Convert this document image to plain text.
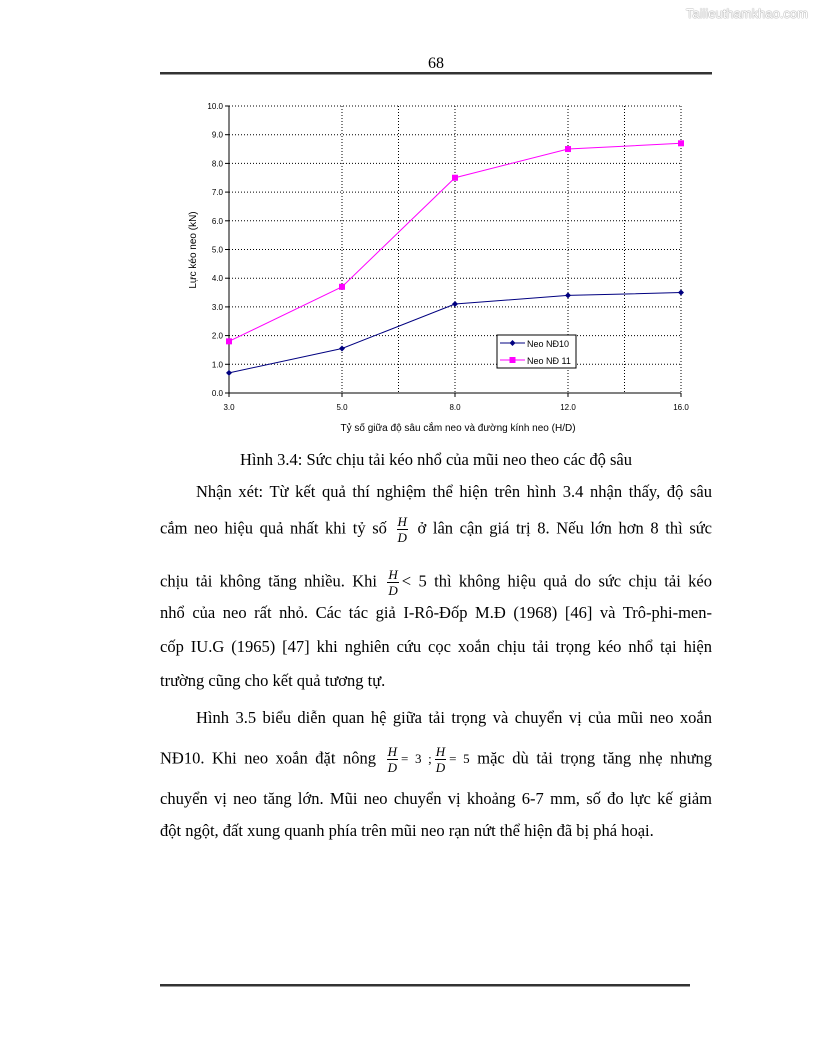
Tailieuthamkhao.com
68
0.0
1.0
2.0
3.0
4.0
5.0
6.0
7.0
8.0
9.0
10.0
3.0	5.0	8.0	12.0	16.0
Tỷ số giữa độ sâu cắm neo và đường kính neo (H/D)
Lực kéo neo (kN)
Neo NĐ10
Neo NĐ 11
Hình 3.4: Sức chịu tải kéo nhổ của mũi neo theo các độ sâu
Nhận xét: Từ kết quả thí nghiệm thể hiện trên hình 3.4 nhận thấy, độ sâu
cắm neo hiệu quả nhất khi tỷ số $\frac{H}{D}$ ở lân cận giá trị 8. Nếu lớn hơn 8 thì sức
chịu tải không tăng nhiều. Khi $\frac{H}{D} < 5$ thì không hiệu quả do sức chịu tải kéo
nhổ của neo rất nhỏ. Các tác giả I-Rô-Đốp M.Đ (1968) [46] và Trô-phi-men-
cốp IU.G (1965) [47] khi nghiên cứu cọc xoắn chịu tải trọng kéo nhổ tại hiện
trường cũng cho kết quả tương tự.
Hình 3.5 biểu diễn quan hệ giữa tải trọng và chuyển vị của mũi neo xoắn
NĐ10. Khi neo xoắn đặt nông $\frac{H}{D} = 3$ ; $\frac{H}{D} = 5$ mặc dù tải trọng tăng nhẹ nhưng
chuyển vị neo tăng lớn. Mũi neo chuyển vị khoảng 6-7 mm, số đo lực kế giảm
đột ngột, đất xung quanh phía trên mũi neo rạn nứt thể hiện đã bị phá hoại.
